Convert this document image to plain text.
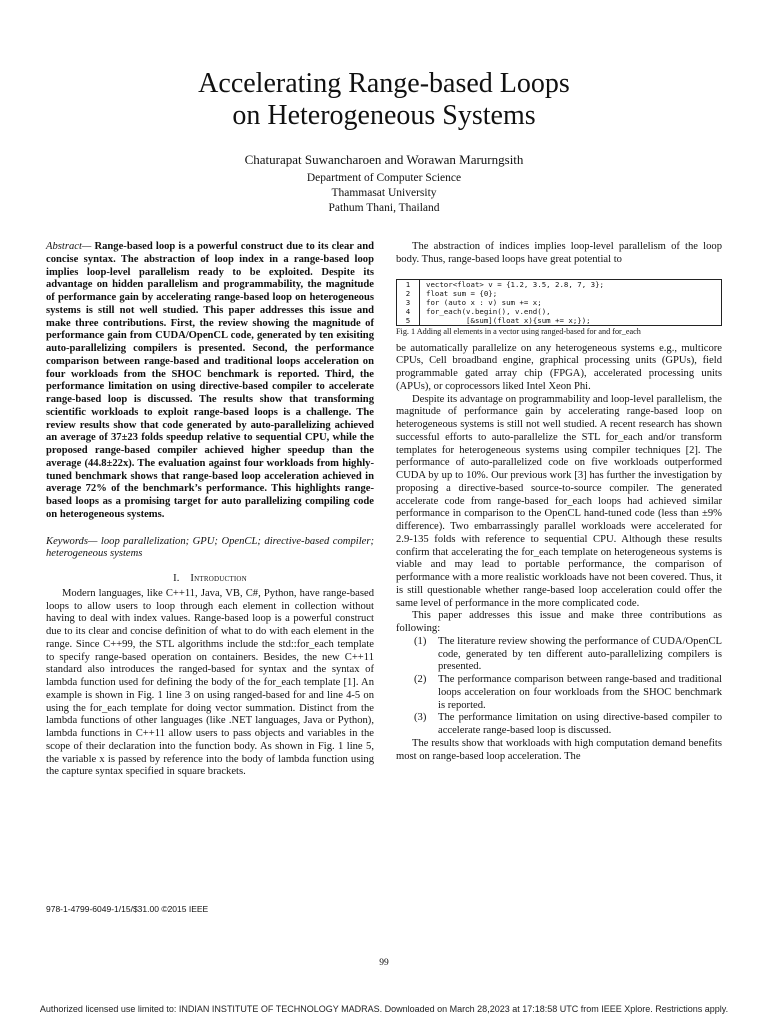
Accelerating Range-based Loops
on Heterogeneous Systems
Chaturapat Suwancharoen and Worawan Marurngsith
Department of Computer Science
Thammasat University
Pathum Thani, Thailand
Abstract— Range-based loop is a powerful construct due to its clear and concise syntax. The abstraction of loop index in a range-based loop implies loop-level parallelism ready to be exploited. Despite its advantage on hidden parallelism and programmability, the magnitude of performance gain by accelerating range-based loop on heterogeneous systems is still not well studied. This paper addresses this issue and make three contributions. First, the review showing the magnitude of performance gain from CUDA/OpenCL code, generated by ten exisiting auto-parallelizing compilers is presented. Second, the performance comparison between range-based and traditional loops acceleration on four workloads from the SHOC benchmark is reported. Third, the performance limitation on using directive-based compiler to accelerate range-based loop is discussed. The results show that transforming scientific workloads to exploit range-based loops is a challenge. The review results show that code generated by auto-parallelizing achieved an average of 37±23 folds speedup relative to sequential CPU, while the proposed range-based compiler achieved higher speedup than the average (44.8±22x). The evaluation against four workloads from highly-tuned benchmark shows that range-based loop acceleration achieved in average 72% of the benchmark’s performance. This highlights range-based loops as a promising target for auto parallelizing compiling code on heterogeneous systems.
Keywords— loop parallelization; GPU; OpenCL; directive-based compiler; heterogeneous systems
I. Introduction

Modern languages, like C++11, Java, VB, C#, Python, have range-based loops to allow users to loop through each element in collection without having to deal with index values. Range-based loop is a powerful construct due to its clear and concise definition of what to do with each element in the range. Since C++99, the STL algorithms include the std::for_each template to specify range-based operation on containers. Besides, the new C++11 standard also introduces the ranged-based for syntax and the syntax of lambda function used for defining the body of the for_each template [1]. An example is shown in Fig. 1 line 3 on using ranged-based for and line 4-5 on using the for_each template for doing vector summation. Distinct from the lambda functions of other languages (like .NET languages, Java or Python), lambda functions in C++11 allow users to pass objects and variables in the scope of their declaration into the function body. As shown in Fig. 1 line 5, the variable x is passed by reference into the body of lambda function using the capture syntax specified in square brackets.

The abstraction of indices implies loop-level parallelism of the loop body. Thus, range-based loops have great potential to

1	vector<float> v = {1.2, 3.5, 2.8, 7, 3};
2	float sum = {0};
3	for (auto x : v) sum += x;
4	for_each(v.begin(), v.end(),
5	[&sum](float x){sum += x;});
Fig. 1 Adding all elements in a vector using ranged-based for and for_each

be automatically parallelize on any heterogeneous systems e.g., multicore CPUs, Cell broadband engine, graphical processing units (GPUs), field programmable gated array chip (FPGA), accelerated processing units (APUs), or coprocessors liked Intel Xeon Phi.

Despite its advantage on programmability and loop-level parallelism, the magnitude of performance gain by accelerating range-based loop on heterogeneous systems is still not well studied. A recent research has shown successful efforts to auto-parallelize the STL for_each and/or transform templates for heterogeneous systems using compiler techniques [2]. The performance of auto-parallelized code on five workloads outperformed CUDA by up to 10%. Our previous work [3] has further the investigation by proposing a directive-based source-to-source compiler. The generated accelerate code from range-based for_each loops had achieved similar performance in comparison to the OpenCL hand-tuned code (less than ±9% difference). Two embarrassingly parallel workloads were accelerated for 2.9-135 folds with reference to sequential CPU. Although these results confirm that accelerating the for_each template on heterogeneous systems is viable and may lead to portable performance, the comparison of performance with a more realistic workloads have not been covered. Thus, it is still questionable whether range-based loop acceleration could offer the same level of performance in the more complicated code.

This paper addresses this issue and make three contributions as following:

(1)	The literature review showing the performance of CUDA/OpenCL code, generated by ten different auto-parallelizing compilers is presented.
(2)	The performance comparison between range-based and traditional loops acceleration on four workloads from the SHOC benchmark is reported.
(3)	The performance limitation on using directive-based compiler to accelerate range-based loop is discussed.

The results show that workloads with high computation demand benefits most on range-based loop acceleration. The

978-1-4799-6049-1/15/$31.00 ©2015 IEEE
99
Authorized licensed use limited to: INDIAN INSTITUTE OF TECHNOLOGY MADRAS. Downloaded on March 28,2023 at 17:18:58 UTC from IEEE Xplore. Restrictions apply.
